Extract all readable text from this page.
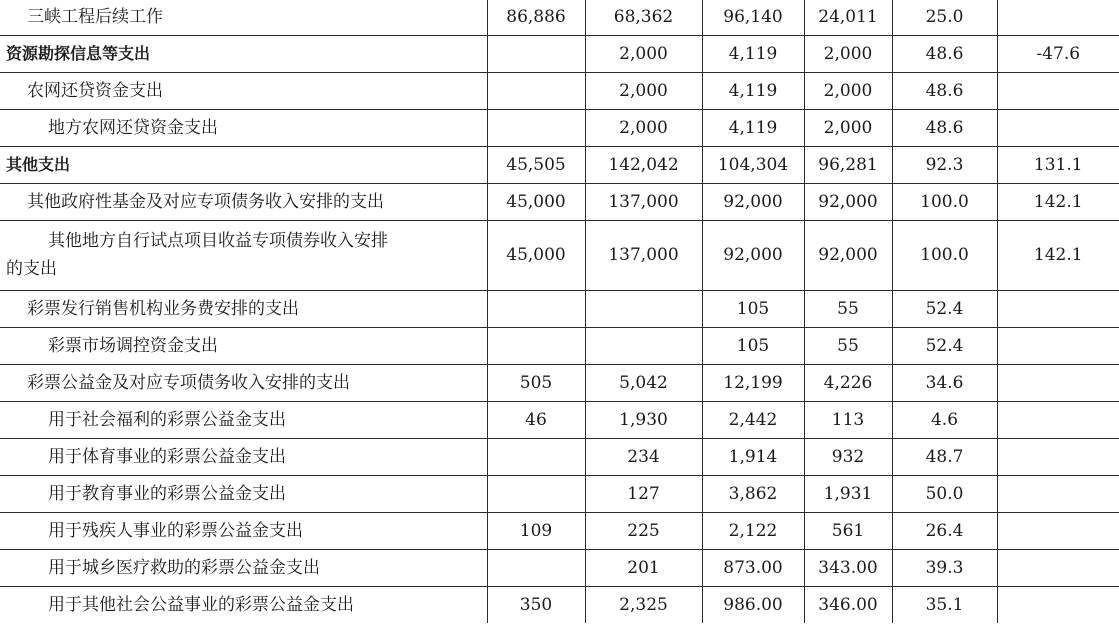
三峡工程后续工作	86,886	68,362	96,140	24,011	25.0	
资源勘探信息等支出		2,000	4,119	2,000	48.6	-47.6
农网还贷资金支出		2,000	4,119	2,000	48.6	
地方农网还贷资金支出		2,000	4,119	2,000	48.6	
其他支出	45,505	142,042	104,304	96,281	92.3	131.1
其他政府性基金及对应专项债务收入安排的支出	45,000	137,000	92,000	92,000	100.0	142.1

其他地方自行试点项目收益专项债券收入安排
的支出	45,000	137,000	92,000	92,000	100.0	142.1
彩票发行销售机构业务费安排的支出			105	55	52.4	
彩票市场调控资金支出			105	55	52.4	
彩票公益金及对应专项债务收入安排的支出	505	5,042	12,199	4,226	34.6	
用于社会福利的彩票公益金支出	46	1,930	2,442	113	4.6	
用于体育事业的彩票公益金支出		234	1,914	932	48.7	
用于教育事业的彩票公益金支出		127	3,862	1,931	50.0	
用于残疾人事业的彩票公益金支出	109	225	2,122	561	26.4	
用于城乡医疗救助的彩票公益金支出		201	873.00	343.00	39.3	
用于其他社会公益事业的彩票公益金支出	350	2,325	986.00	346.00	35.1	
